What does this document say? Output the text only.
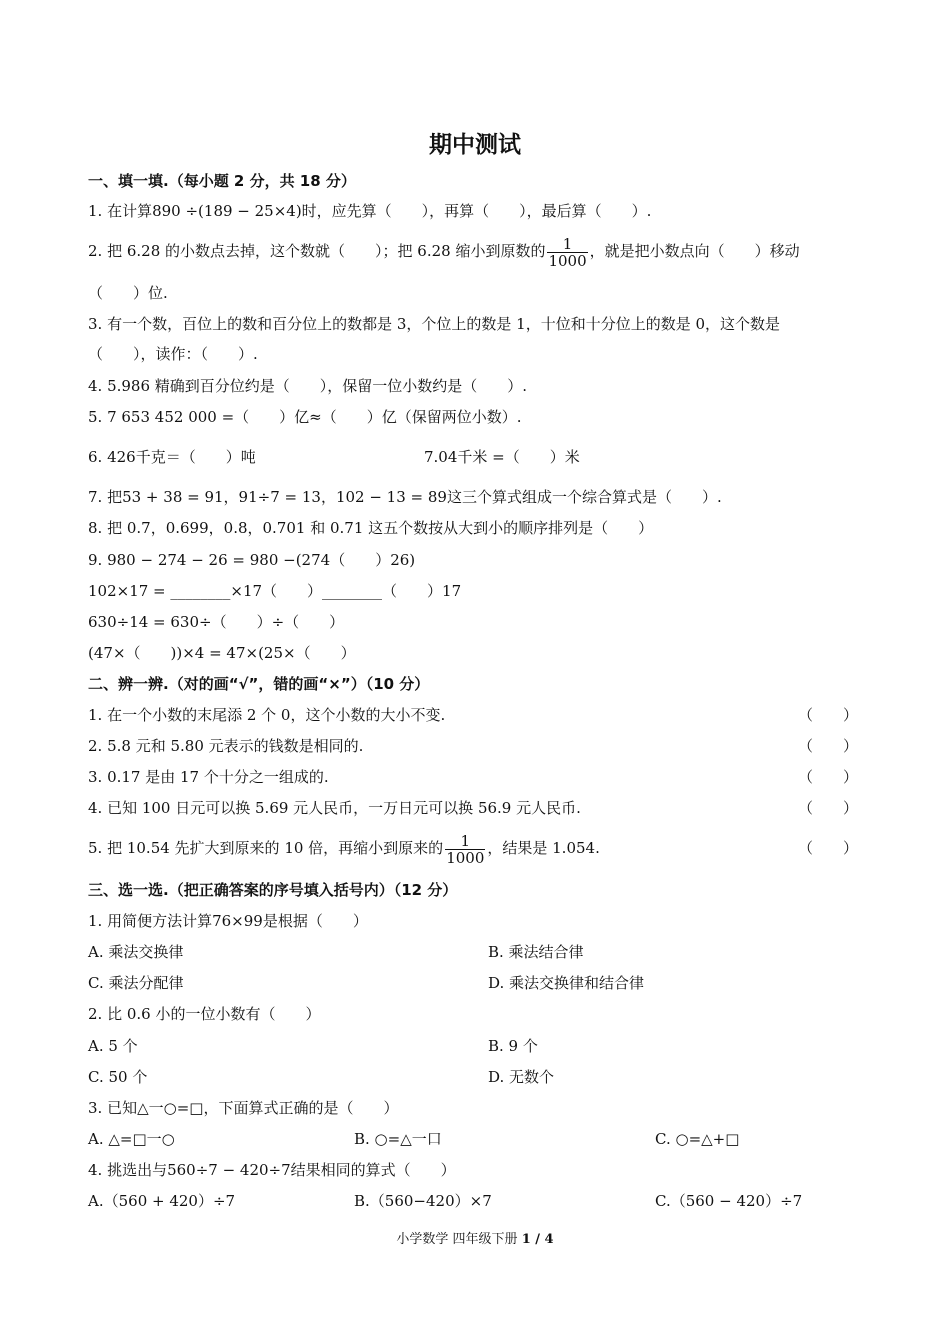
期中测试
一、填一填.（每小题 2 分，共 18 分）
1. 在计算890 ÷(189 − 25×4)时，应先算（　　），再算（　　），最后算（　　）.
2. 把 6.28 的小数点去掉，这个数就（　　）；把 6.28 缩小到原数的 $\frac{1}{1000}$ ，就是把小数点向（　　）移动
（　　）位.
3. 有一个数，百位上的数和百分位上的数都是 3，个位上的数是 1，十位和十分位上的数是 0，这个数是
（　　），读作：（　　）.
4. 5.986 精确到百分位约是（　　），保留一位小数约是（　　）.
5. 7 653 452 000 =（　　）亿≈（　　）亿（保留两位小数）.
6. 426千克＝（　　）吨	7.04千米 =（　　）米
7. 把53 + 38 = 91，91÷7 = 13，102 − 13 = 89这三个算式组成一个综合算式是（　　）.
8. 把 0.7，0.699，0.8，0.701 和 0.71 这五个数按从大到小的顺序排列是（　　）
9. 980 − 274 − 26 = 980 −(274（　　）26)
102×17 = ________×17（　　）________（　　）17
630÷14 = 630÷（　　）÷（　　）
(47×（　　))×4 = 47×(25×（　　）
二、辨一辨.（对的画“√”，错的画“×”）（10 分）
1. 在一个小数的末尾添 2 个 0，这个小数的大小不变.	（　　）
2. 5.8 元和 5.80 元表示的钱数是相同的.	（　　）
3. 0.17 是由 17 个十分之一组成的.	（　　）
4. 已知 100 日元可以换 5.69 元人民币，一万日元可以换 56.9 元人民币.	（　　）
5. 把 10.54 先扩大到原来的 10 倍，再缩小到原来的 $\frac{1}{1000}$ ，结果是 1.054.	（　　）
三、选一选.（把正确答案的序号填入括号内）（12 分）
1. 用简便方法计算76×99是根据（　　）
A. 乘法交换律	B. 乘法结合律
C. 乘法分配律	D. 乘法交换律和结合律
2. 比 0.6 小的一位小数有（　　）
A. 5 个	B. 9 个
C. 50 个	D. 无数个
3. 已知△一○=□，下面算式正确的是（　　）
A. △=□一○	B. ○=△一口	C. ○=△+□
4. 挑选出与560÷7 − 420÷7结果相同的算式（　　）
A.（560 + 420）÷7	B.（560−420）×7	C.（560 − 420）÷7
小学数学 四年级下册 1 / 4
